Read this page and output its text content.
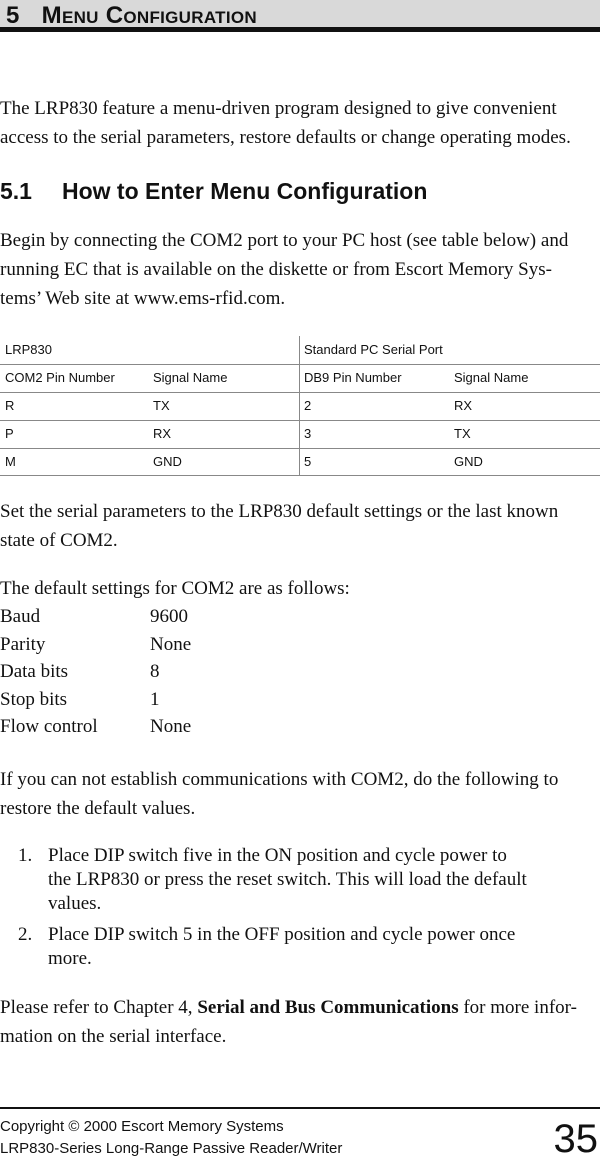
5 Menu Configuration
The LRP830 feature a menu-driven program designed to give convenient
access to the serial parameters, restore defaults or change operating modes.
5.1 How to Enter Menu Configuration
Begin by connecting the COM2 port to your PC host (see table below) and
running EC that is available on the diskette or from Escort Memory Sys-
tems’ Web site at www.ems-rfid.com.
LRP830	Standard PC Serial Port
COM2 Pin Number	Signal Name	DB9 Pin Number	Signal Name
R	TX	2	RX
P	RX	3	TX
M	GND	5	GND
Set the serial parameters to the LRP830 default settings or the last known
state of COM2.
The default settings for COM2 are as follows:
Baud	9600
Parity	None
Data bits	8
Stop bits	1
Flow control	None
If you can not establish communications with COM2, do the following to
restore the default values.
1. Place DIP switch five in the ON position and cycle power to
the LRP830 or press the reset switch. This will load the default
values.
2. Place DIP switch 5 in the OFF position and cycle power once
more.
Please refer to Chapter 4, Serial and Bus Communications for more infor-
mation on the serial interface.
Copyright © 2000 Escort Memory Systems
LRP830-Series Long-Range Passive Reader/Writer	35
